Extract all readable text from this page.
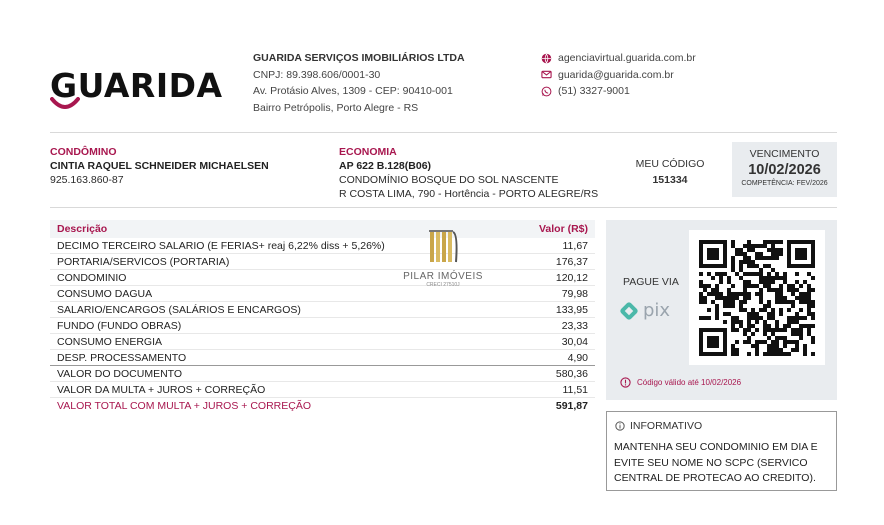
GUARIDA
GUARIDA SERVIÇOS IMOBILIÁRIOS LTDA
CNPJ: 89.398.606/0001-30
Av. Protásio Alves, 1309 - CEP: 90410-001
Bairro Petrópolis, Porto Alegre - RS
agenciavirtual.guarida.com.br
guarida@guarida.com.br
(51) 3327-9001
CONDÔMINO
CINTIA RAQUEL SCHNEIDER MICHAELSEN
925.163.860-87
ECONOMIA
AP 622 B.128(B06)
CONDOMÍNIO BOSQUE DO SOL NASCENTE
R COSTA LIMA, 790 - Hortência - PORTO ALEGRE/RS
MEU CÓDIGO
151334
VENCIMENTO
10/02/2026
COMPETÊNCIA: FEV/2026
Descrição	Valor (R$)
DECIMO TERCEIRO SALARIO (E FERIAS+ reaj 6,22% diss + 5,26%)	11,67
PORTARIA/SERVICOS (PORTARIA)	176,37
CONDOMINIO	120,12
CONSUMO DAGUA	79,98
SALARIO/ENCARGOS (SALÁRIOS E ENCARGOS)	133,95
FUNDO (FUNDO OBRAS)	23,33
CONSUMO ENERGIA	30,04
DESP. PROCESSAMENTO	4,90
VALOR DO DOCUMENTO	580,36
VALOR DA MULTA + JUROS + CORREÇÃO	11,51
VALOR TOTAL COM MULTA + JUROS + CORREÇÃO	591,87
PILAR IMÓVEIS
CRECI 27510J	PAGUE VIA
pix
Código válido até 10/02/2026
INFORMATIVO
MANTENHA SEU CONDOMINIO EM DIA E EVITE SEU NOME NO SCPC (SERVICO CENTRAL DE PROTECAO AO CREDITO).
